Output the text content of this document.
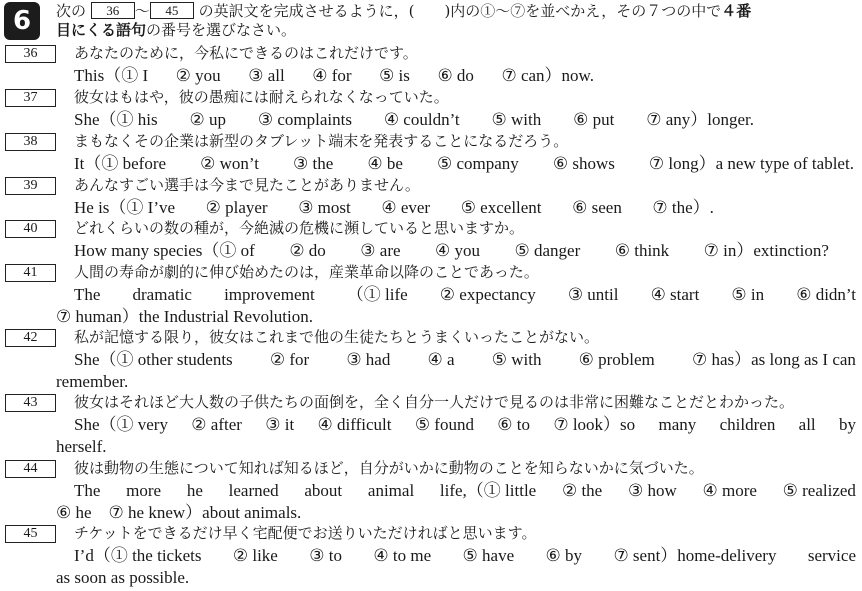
6	次の 36 〜 45 の英訳文を完成させるように，(　　)内の①〜⑦を並べかえ，その７つの中で４番
目にくる語句の番号を選びなさい。
36	あなたのために，今私にできるのはこれだけです。
This（① I ② you ③ all ④ for ⑤ is ⑥ do ⑦ can）now.
37	彼女はもはや，彼の愚痴には耐えられなくなっていた。
She（① his ② up ③ complaints ④ couldn’t ⑤ with ⑥ put ⑦ any）longer.
38	まもなくその企業は新型のタブレット端末を発表することになるだろう。
It（① before ② won’t ③ the ④ be ⑤ company ⑥ shows ⑦ long）a new type of tablet.
39	あんなすごい選手は今まで見たことがありません。
He is（① I’ve ② player ③ most ④ ever ⑤ excellent ⑥ seen ⑦ the）.
40	どれくらいの数の種が，今絶滅の危機に瀕していると思いますか。
How many species（① of ② do ③ are ④ you ⑤ danger ⑥ think ⑦ in）extinction?
41	人間の寿命が劇的に伸び始めたのは，産業革命以降のことであった。
The dramatic improvement （① life ② expectancy ③ until ④ start ⑤ in ⑥ didn’t
⑦ human）the Industrial Revolution.
42	私が記憶する限り，彼女はこれまで他の生徒たちとうまくいったことがない。
She（① other students ② for ③ had ④ a ⑤ with ⑥ problem ⑦ has）as long as I can
remember.
43	彼女はそれほど大人数の子供たちの面倒を，全く自分一人だけで見るのは非常に困難なことだとわかった。
She（① very ② after ③ it ④ difficult ⑤ found ⑥ to ⑦ look）so many children all by
herself.
44	彼は動物の生態について知れば知るほど，自分がいかに動物のことを知らないかに気づいた。
The more he learned about animal life,（① little ② the ③ how ④ more ⑤ realized
⑥ he　⑦ he knew）about animals.
45	チケットをできるだけ早く宅配便でお送りいただければと思います。
I’d（① the tickets ② like ③ to ④ to me ⑤ have ⑥ by ⑦ sent）home-delivery service
as soon as possible.
